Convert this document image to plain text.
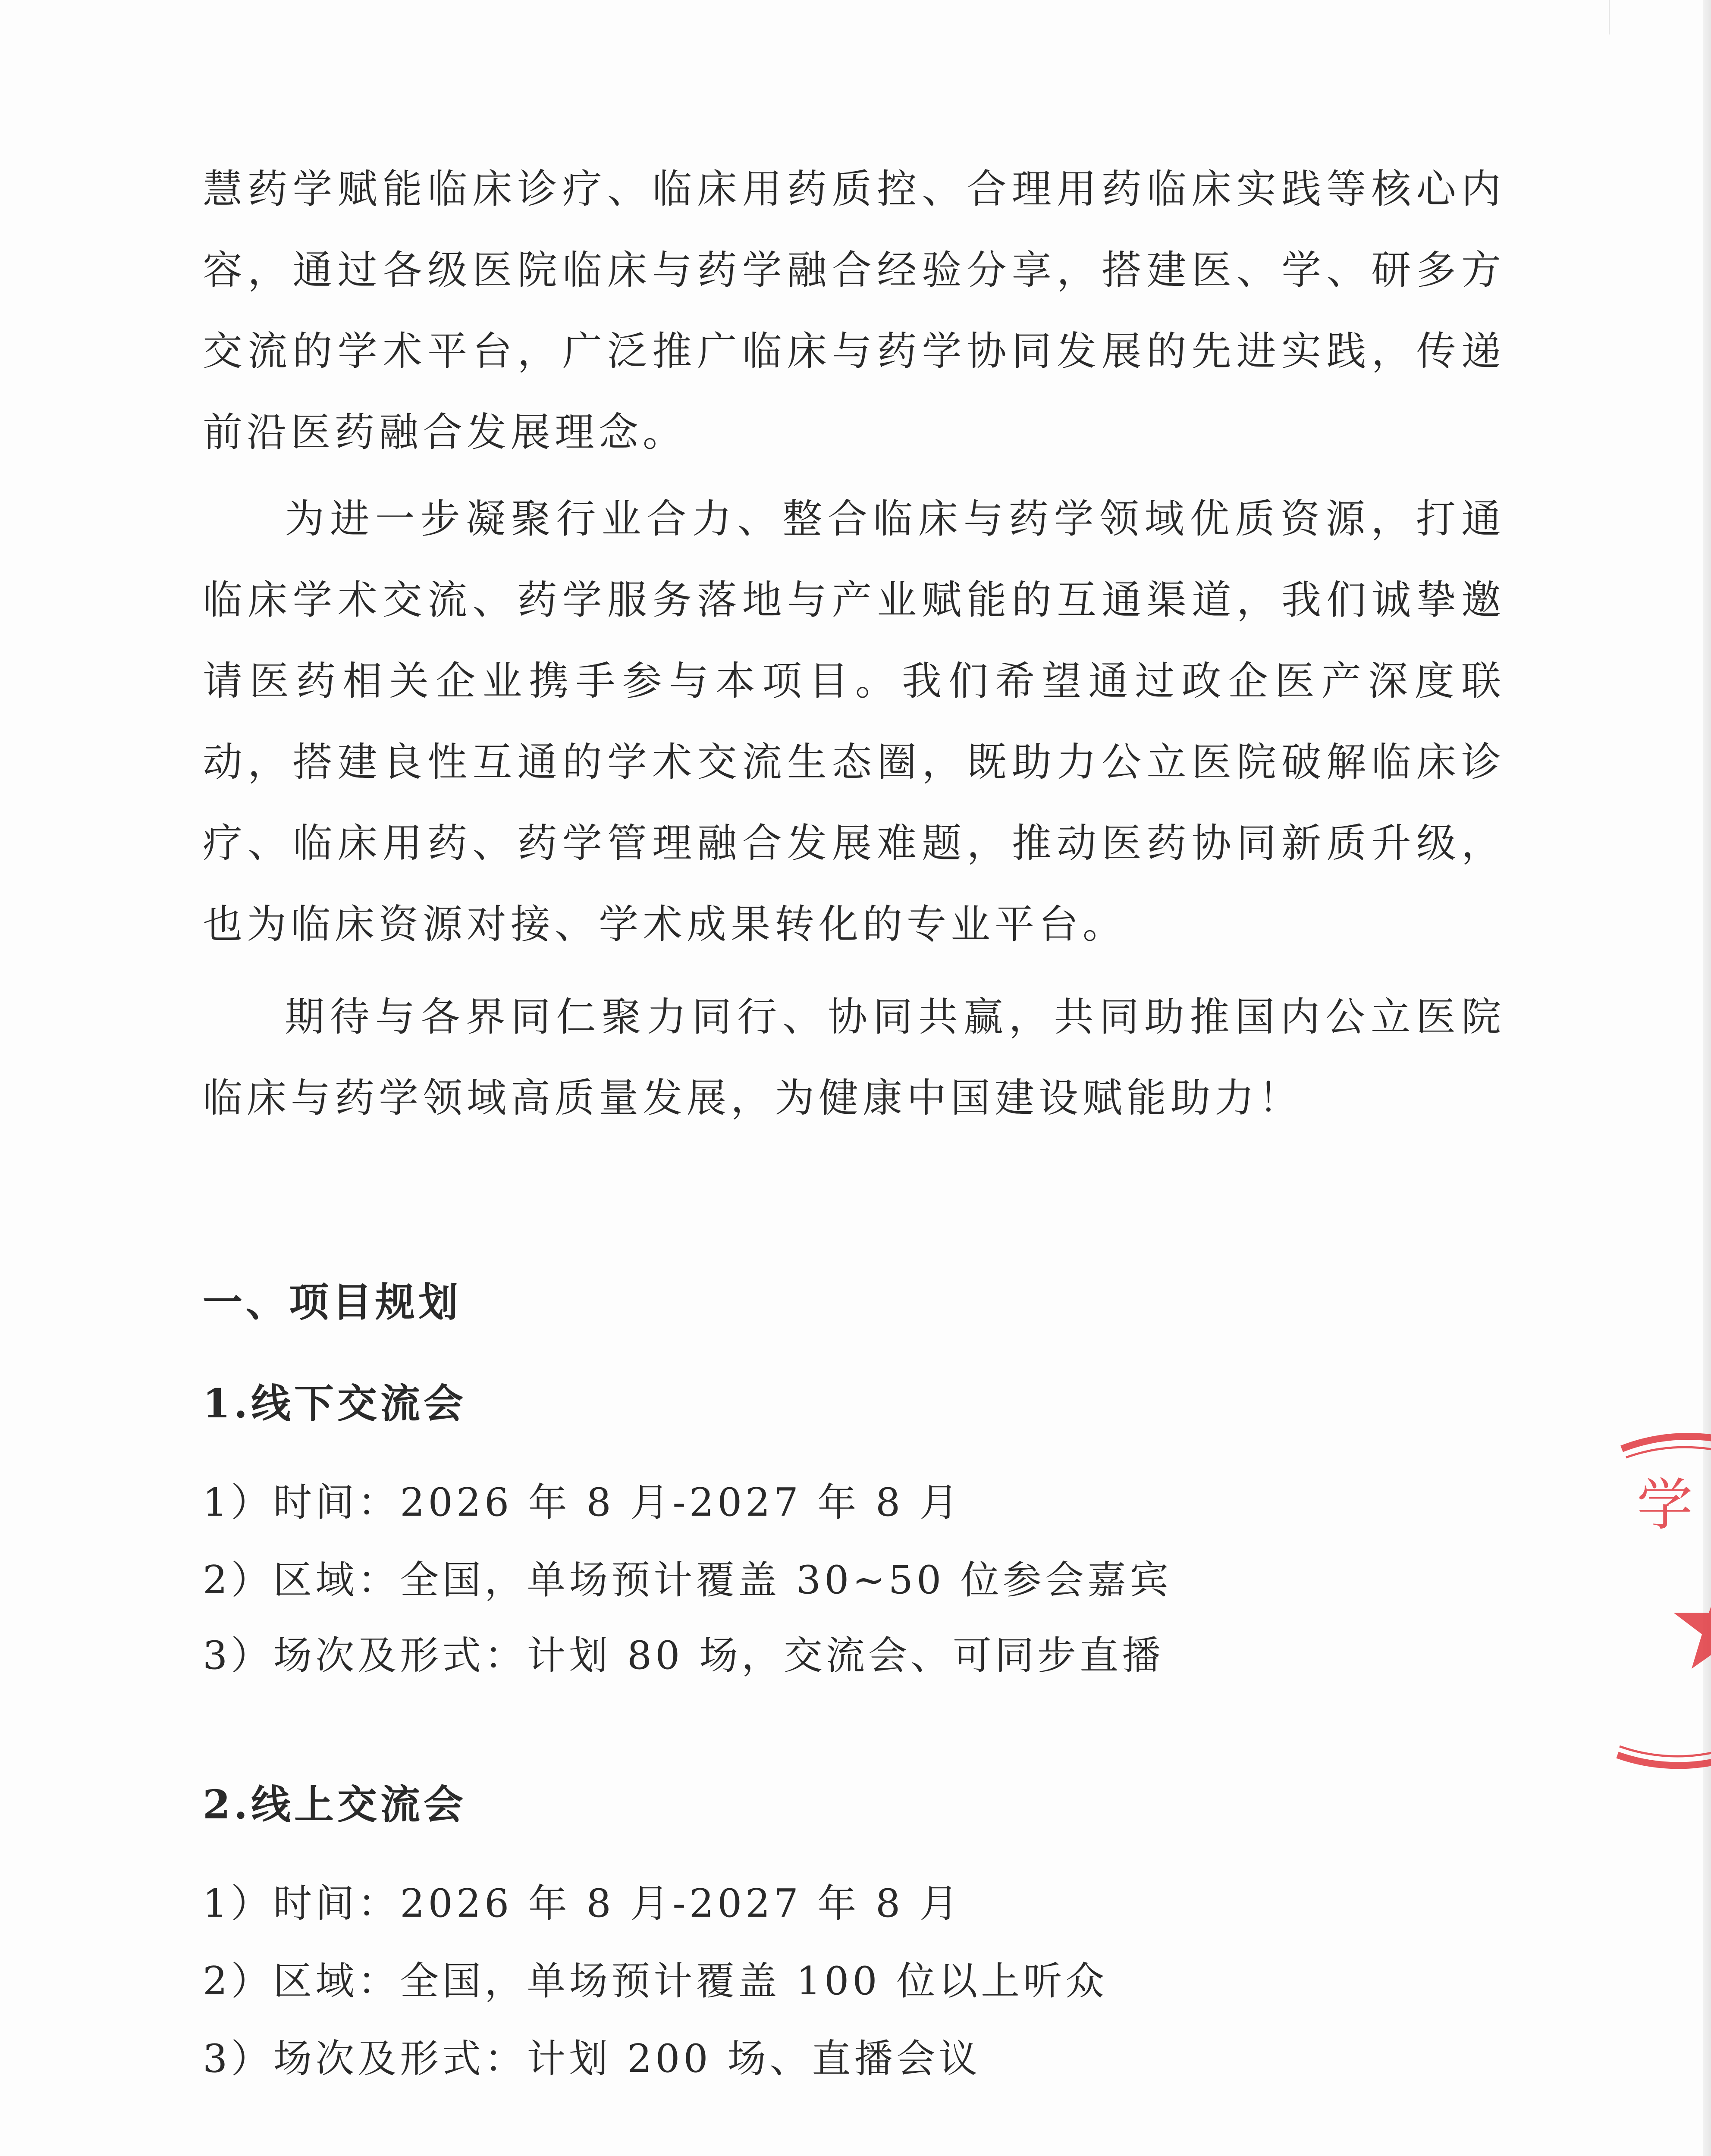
慧药学赋能临床诊疗、临床用药质控、合理用药临床实践等核心内容，通过各级医院临床与药学融合经验分享，搭建医、学、研多方交流的学术平台，广泛推广临床与药学协同发展的先进实践，传递前沿医药融合发展理念。

为进一步凝聚行业合力、整合临床与药学领域优质资源，打通临床学术交流、药学服务落地与产业赋能的互通渠道，我们诚挚邀请医药相关企业携手参与本项目。我们希望通过政企医产深度联动，搭建良性互通的学术交流生态圈，既助力公立医院破解临床诊疗、临床用药、药学管理融合发展难题，推动医药协同新质升级，也为临床资源对接、学术成果转化的专业平台。

期待与各界同仁聚力同行、协同共赢，共同助推国内公立医院临床与药学领域高质量发展，为健康中国建设赋能助力！

一、项目规划
1.线下交流会

1）时间：2026 年 8 月-2027 年 8 月

2）区域：全国，单场预计覆盖 30~50 位参会嘉宾

3）场次及形式：计划 80 场，交流会、可同步直播

2.线上交流会

1）时间：2026 年 8 月-2027 年 8 月

2）区域：全国，单场预计覆盖 100 位以上听众

3）场次及形式：计划 200 场、直播会议

学
